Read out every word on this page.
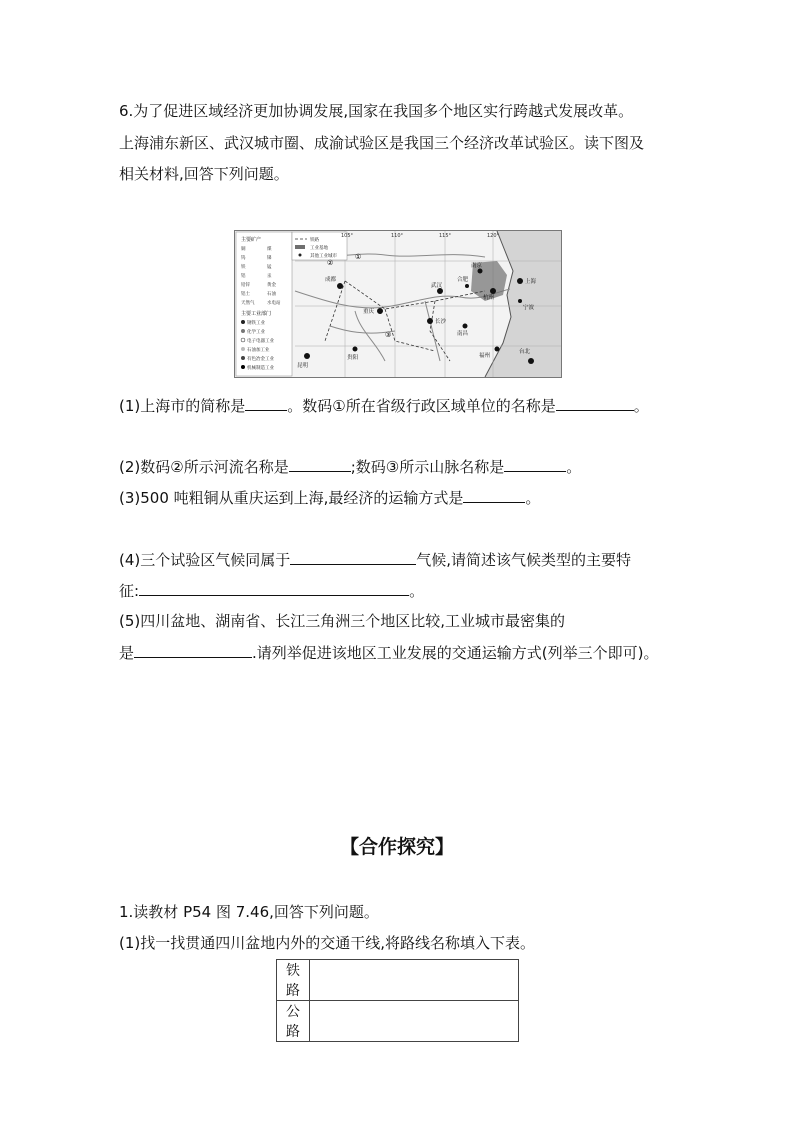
6.为了促进区域经济更加协调发展,国家在我国多个地区实行跨越式发展改革。
上海浦东新区、武汉城市圈、成渝试验区是我国三个经济改革试验区。读下图及
相关材料,回答下列问题。
主要矿产
铜	煤
钨	锑
铁	锰
铝	汞
铅锌	黄金
铝土	石油
天然气	水电站
主要工业部门
钢铁工业
化学工业
电子电器工业
石油加工业
有色冶金工业
机械制造工业
铁路
工业基地
其他工业城市
105°	110°	115°	120°
成都
重庆
武汉
长沙
南昌
杭州
上海
宁波
福州
台北
贵阳
昆明
合肥
南京
①
②
③
(1)上海市的简称是	。数码①所在省级行政区域单位的名称是	。
(2)数码②所示河流名称是	;数码③所示山脉名称是	。
(3)500 吨粗铜从重庆运到上海,最经济的运输方式是	。
(4)三个试验区气候同属于	气候,请简述该气候类型的主要特
征:	。
(5)四川盆地、湖南省、长江三角洲三个地区比较,工业城市最密集的
是	.请列举促进该地区工业发展的交通运输方式(列举三个即可)。
【合作探究】
1.读教材 P54 图 7.46,回答下列问题。
(1)找一找贯通四川盆地内外的交通干线,将路线名称填入下表。
铁路	
公路	
